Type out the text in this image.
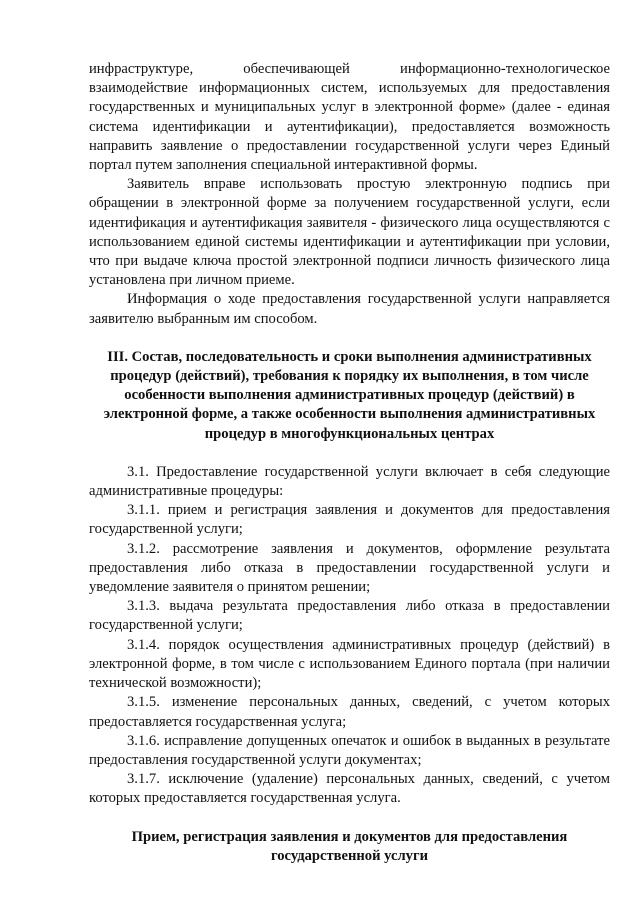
инфраструктуре, обеспечивающей информационно-технологическое взаимодействие информационных систем, используемых для предоставления государственных и муниципальных услуг в электронной форме» (далее - единая система идентификации и аутентификации), предоставляется возможность направить заявление о предоставлении государственной услуги через Единый портал путем заполнения специальной интерактивной формы.

Заявитель вправе использовать простую электронную подпись при обращении в электронной форме за получением государственной услуги, если идентификация и аутентификация заявителя - физического лица осуществляются с использованием единой системы идентификации и аутентификации при условии, что при выдаче ключа простой электронной подписи личность физического лица установлена при личном приеме.

Информация о ходе предоставления государственной услуги направляется заявителю выбранным им способом.

III. Состав, последовательность и сроки выполнения административных процедур (действий), требования к порядку их выполнения, в том числе особенности выполнения административных процедур (действий) в электронной форме, а также особенности выполнения административных процедур в многофункциональных центрах

3.1. Предоставление государственной услуги включает в себя следующие административные процедуры:

3.1.1. прием и регистрация заявления и документов для предоставления государственной услуги;

3.1.2. рассмотрение заявления и документов, оформление результата предоставления либо отказа в предоставлении государственной услуги и уведомление заявителя о принятом решении;

3.1.3. выдача результата предоставления либо отказа в предоставлении государственной услуги;

3.1.4. порядок осуществления административных процедур (действий) в электронной форме, в том числе с использованием Единого портала (при наличии технической возможности);

3.1.5. изменение персональных данных, сведений, с учетом которых предоставляется государственная услуга;

3.1.6. исправление допущенных опечаток и ошибок в выданных в результате предоставления государственной услуги документах;

3.1.7. исключение (удаление) персональных данных, сведений, с учетом которых предоставляется государственная услуга.

Прием, регистрация заявления и документов для предоставления государственной услуги
